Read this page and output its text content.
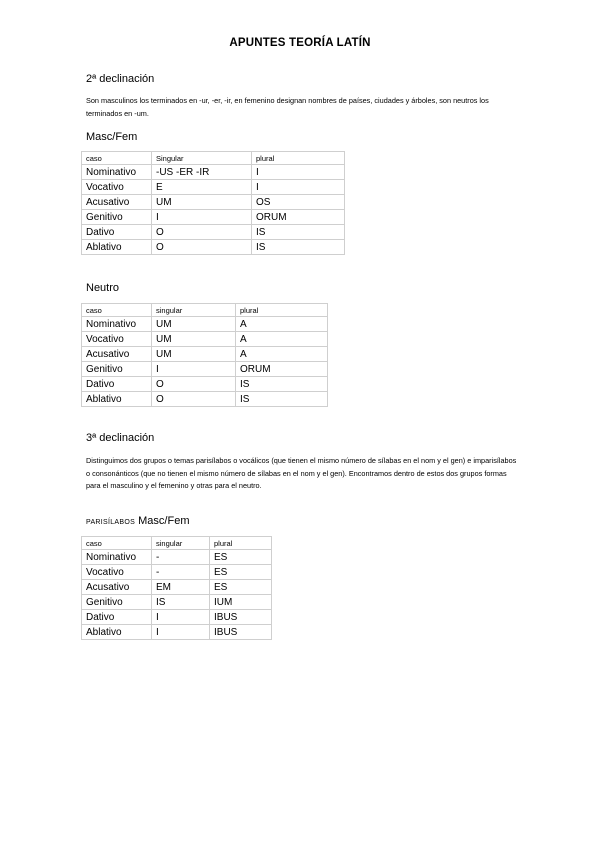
APUNTES TEORÍA LATÍN
2ª declinación
Son masculinos los terminados en -ur, -er, -ir, en femenino designan nombres de países, ciudades y árboles, son neutros los terminados en -um.
Masc/Fem
caso	Singular	plural
Nominativo	-US -ER -IR	I
Vocativo	E	I
Acusativo	UM	OS
Genitivo	I	ORUM
Dativo	O	IS
Ablativo	O	IS
Neutro
caso	singular	plural
Nominativo	UM	A
Vocativo	UM	A
Acusativo	UM	A
Genitivo	I	ORUM
Dativo	O	IS
Ablativo	O	IS
3ª declinación
Distinguimos dos grupos o temas parisílabos o vocálicos (que tienen el mismo número de sílabas en el nom y el gen) e imparisílabos o consonánticos (que no tienen el mismo número de sílabas en el nom y el gen). Encontramos dentro de estos dos grupos formas para el masculino y el femenino y otras para el neutro.
PARISÍLABOS Masc/Fem
caso	singular	plural
Nominativo	-	ES
Vocativo	-	ES
Acusativo	EM	ES
Genitivo	IS	IUM
Dativo	I	IBUS
Ablativo	I	IBUS
